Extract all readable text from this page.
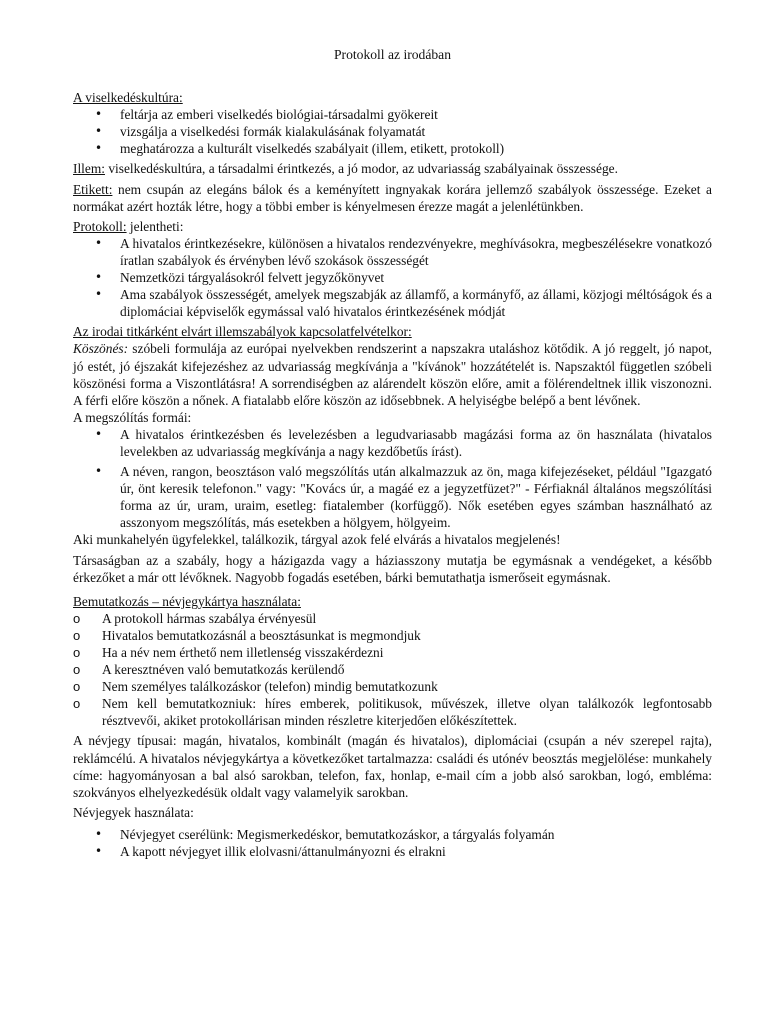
Protokoll az irodában
A viselkedéskultúra:
• feltárja az emberi viselkedés biológiai-társadalmi gyökereit
• vizsgálja a viselkedési formák kialakulásának folyamatát
• meghatározza a kulturált viselkedés szabályait (illem, etikett, protokoll)

Illem: viselkedéskultúra, a társadalmi érintkezés, a jó modor, az udvariasság szabályainak összessége.

Etikett: nem csupán az elegáns bálok és a keményített ingnyakak korára jellemző szabályok összessége. Ezeket a normákat azért hozták létre, hogy a többi ember is kényelmesen érezze magát a jelenlétünkben.

Protokoll: jelentheti:

• A hivatalos érintkezésekre, különösen a hivatalos rendezvényekre, meghívásokra, megbeszélésekre vonatkozó íratlan szabályok és érvényben lévő szokások összességét
• Nemzetközi tárgyalásokról felvett jegyzőkönyvet
• Ama szabályok összességét, amelyek megszabják az államfő, a kormányfő, az állami, közjogi méltóságok és a diplomáciai képviselők egymással való hivatalos érintkezésének módját
Az irodai titkárként elvárt illemszabályok kapcsolatfelvételkor:

Köszönés: szóbeli formulája az európai nyelvekben rendszerint a napszakra utaláshoz kötődik. A jó reggelt, jó napot, jó estét, jó éjszakát kifejezéshez az udvariasság megkívánja a "kívánok" hozzátételét is. Napszaktól független szóbeli köszönési forma a Viszontlátásra! A sorrendiségben az alárendelt köszön előre, amit a fölérendeltnek illik viszonozni. A férfi előre köszön a nőnek. A fiatalabb előre köszön az idősebbnek. A helyiségbe belépő a bent lévőnek.

A megszólítás formái:
• A hivatalos érintkezésben és levelezésben a legudvariasabb magázási forma az ön használata (hivatalos levelekben az udvariasság megkívánja a nagy kezdőbetűs írást).
• A néven, rangon, beosztáson való megszólítás után alkalmazzuk az ön, maga kifejezéseket, például "Igazgató úr, önt keresik telefonon." vagy: "Kovács úr, a magáé ez a jegyzetfüzet?" - Férfiaknál általános megszólítási forma az úr, uram, uraim, esetleg: fiatalember (korfüggő). Nők esetében egyes számban használható az asszonyom megszólítás, más esetekben a hölgyem, hölgyeim.

Aki munkahelyén ügyfelekkel, találkozik, tárgyal azok felé elvárás a hivatalos megjelenés!

Társaságban az a szabály, hogy a házigazda vagy a háziasszony mutatja be egymásnak a vendégeket, a később érkezőket a már ott lévőknek. Nagyobb fogadás esetében, bárki bemutathatja ismerőseit egymásnak.

Bemutatkozás – névjegykártya használata:
o A protokoll hármas szabálya érvényesül
o Hivatalos bemutatkozásnál a beosztásunkat is megmondjuk
o Ha a név nem érthető nem illetlenség visszakérdezni
o A keresztnéven való bemutatkozás kerülendő
o Nem személyes találkozáskor (telefon) mindig bemutatkozunk
o Nem kell bemutatkozniuk: híres emberek, politikusok, művészek, illetve olyan találkozók legfontosabb résztvevői, akiket protokollárisan minden részletre kiterjedően előkészítettek.

A névjegy típusai: magán, hivatalos, kombinált (magán és hivatalos), diplomáciai (csupán a név szerepel rajta), reklámcélú. A hivatalos névjegykártya a következőket tartalmazza: családi és utónév beosztás megjelölése: munkahely címe: hagyományosan a bal alsó sarokban, telefon, fax, honlap, e-mail cím a jobb alsó sarokban, logó, embléma: szokványos elhelyezkedésük oldalt vagy valamelyik sarokban.

Névjegyek használata:
• Névjegyet cserélünk: Megismerkedéskor, bemutatkozáskor, a tárgyalás folyamán
• A kapott névjegyet illik elolvasni/áttanulmányozni és elrakni
